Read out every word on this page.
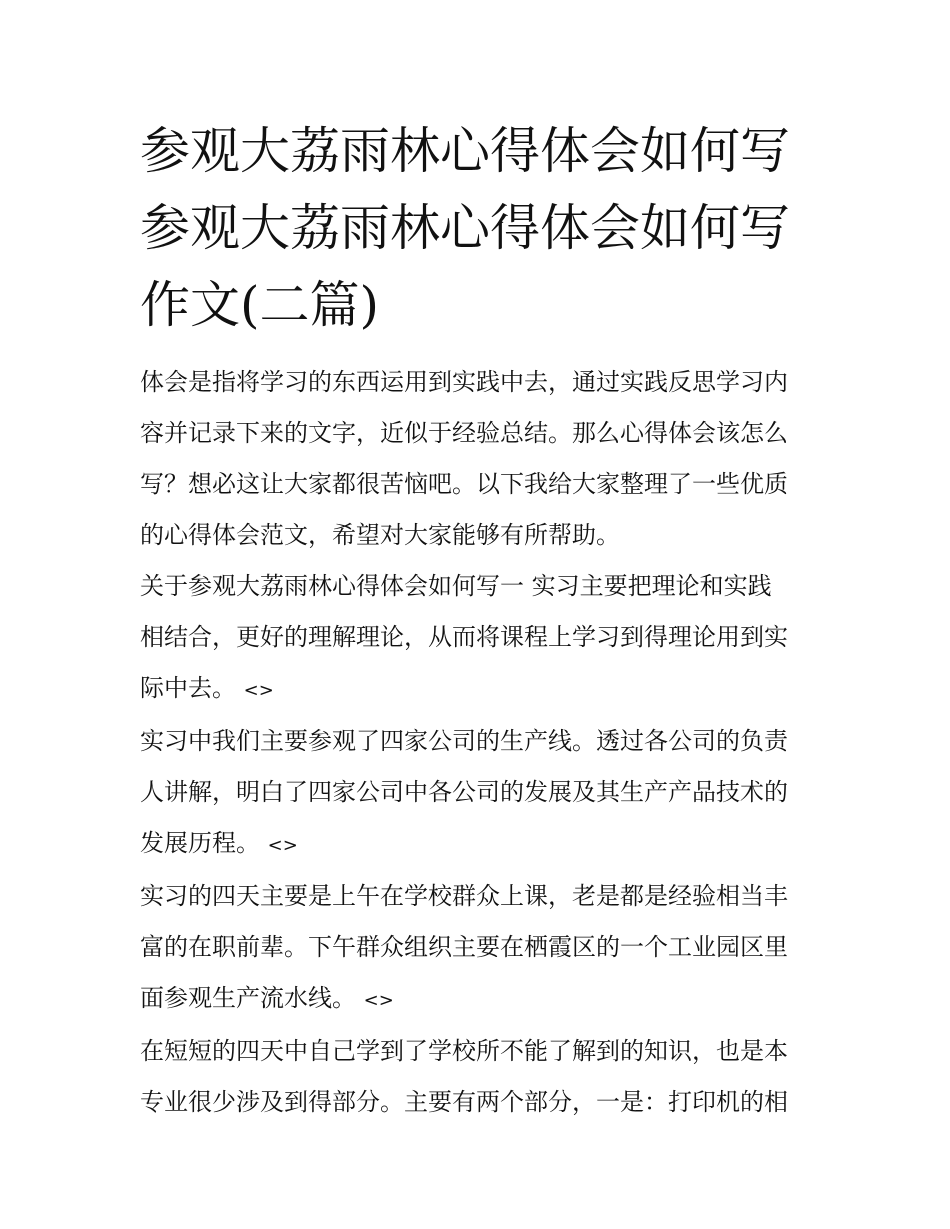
参观大荔雨林心得体会如何写
参观大荔雨林心得体会如何写
作文(二篇)

体会是指将学习的东西运用到实践中去，通过实践反思学习内
容并记录下来的文字，近似于经验总结。那么心得体会该怎么
写？想必这让大家都很苦恼吧。以下我给大家整理了一些优质
的心得体会范文，希望对大家能够有所帮助。

关于参观大荔雨林心得体会如何写一 实习主要把理论和实践
相结合，更好的理解理论，从而将课程上学习到得理论用到实
际中去。 <>

实习中我们主要参观了四家公司的生产线。透过各公司的负责
人讲解，明白了四家公司中各公司的发展及其生产产品技术的
发展历程。 <>

实习的四天主要是上午在学校群众上课，老是都是经验相当丰
富的在职前辈。下午群众组织主要在栖霞区的一个工业园区里
面参观生产流水线。 <>

在短短的四天中自己学到了学校所不能了解到的知识，也是本
专业很少涉及到得部分。主要有两个部分，一是：打印机的相
